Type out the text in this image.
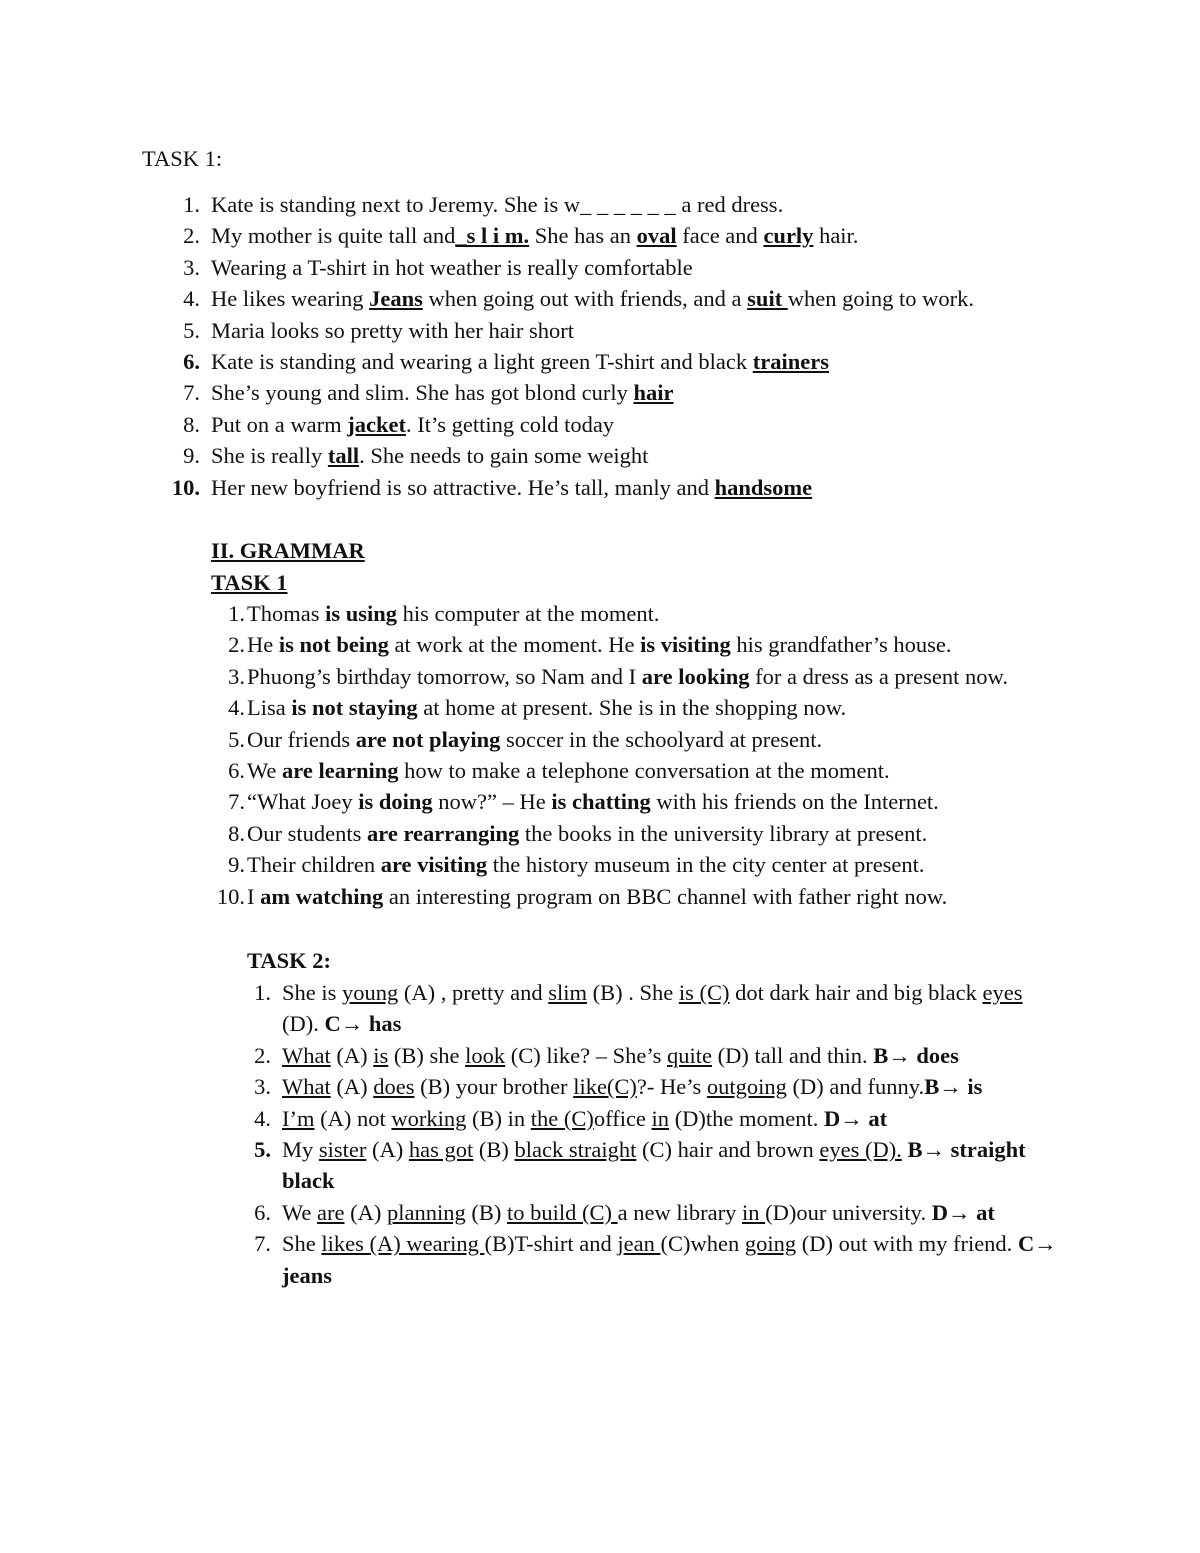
TASK 1:
1. Kate is standing next to Jeremy. She is w_ _ _ _ _ _ a red dress.
2. My mother is quite tall and_s l i m. She has an oval face and curly hair.
3. Wearing a T-shirt in hot weather is really comfortable
4. He likes wearing Jeans when going out with friends, and a suit when going to work.
5. Maria looks so pretty with her hair short
6. Kate is standing and wearing a light green T-shirt and black trainers
7. She’s young and slim. She has got blond curly hair
8. Put on a warm jacket. It’s getting cold today
9. She is really tall. She needs to gain some weight
10. Her new boyfriend is so attractive. He’s tall, manly and handsome
II. GRAMMAR
TASK 1
1. Thomas is using his computer at the moment.
2. He is not being at work at the moment. He is visiting his grandfather’s house.
3. Phuong’s birthday tomorrow, so Nam and I are looking for a dress as a present now.
4. Lisa is not staying at home at present. She is in the shopping now.
5. Our friends are not playing soccer in the schoolyard at present.
6. We are learning how to make a telephone conversation at the moment.
7. “What Joey is doing now?” – He is chatting with his friends on the Internet.
8. Our students are rearranging the books in the university library at present.
9. Their children are visiting the history museum in the city center at present.
10. I am watching an interesting program on BBC channel with father right now.
TASK 2:
1. She is young (A) , pretty and slim (B) . She is (C) dot dark hair and big black eyes (D). C→ has
2. What (A) is (B) she look (C) like? – She’s quite (D) tall and thin. B→ does
3. What (A) does (B) your brother like(C)?- He’s outgoing (D) and funny.B→ is
4. I’m (A) not working (B) in the (C)office in (D)the moment. D→ at
5. My sister (A) has got (B) black straight (C) hair and brown eyes (D). B→ straight black
6. We are (A) planning (B) to build (C) a new library in (D)our university. D→ at
7. She likes (A) wearing (B)T-shirt and jean (C)when going (D) out with my friend. C→ jeans
